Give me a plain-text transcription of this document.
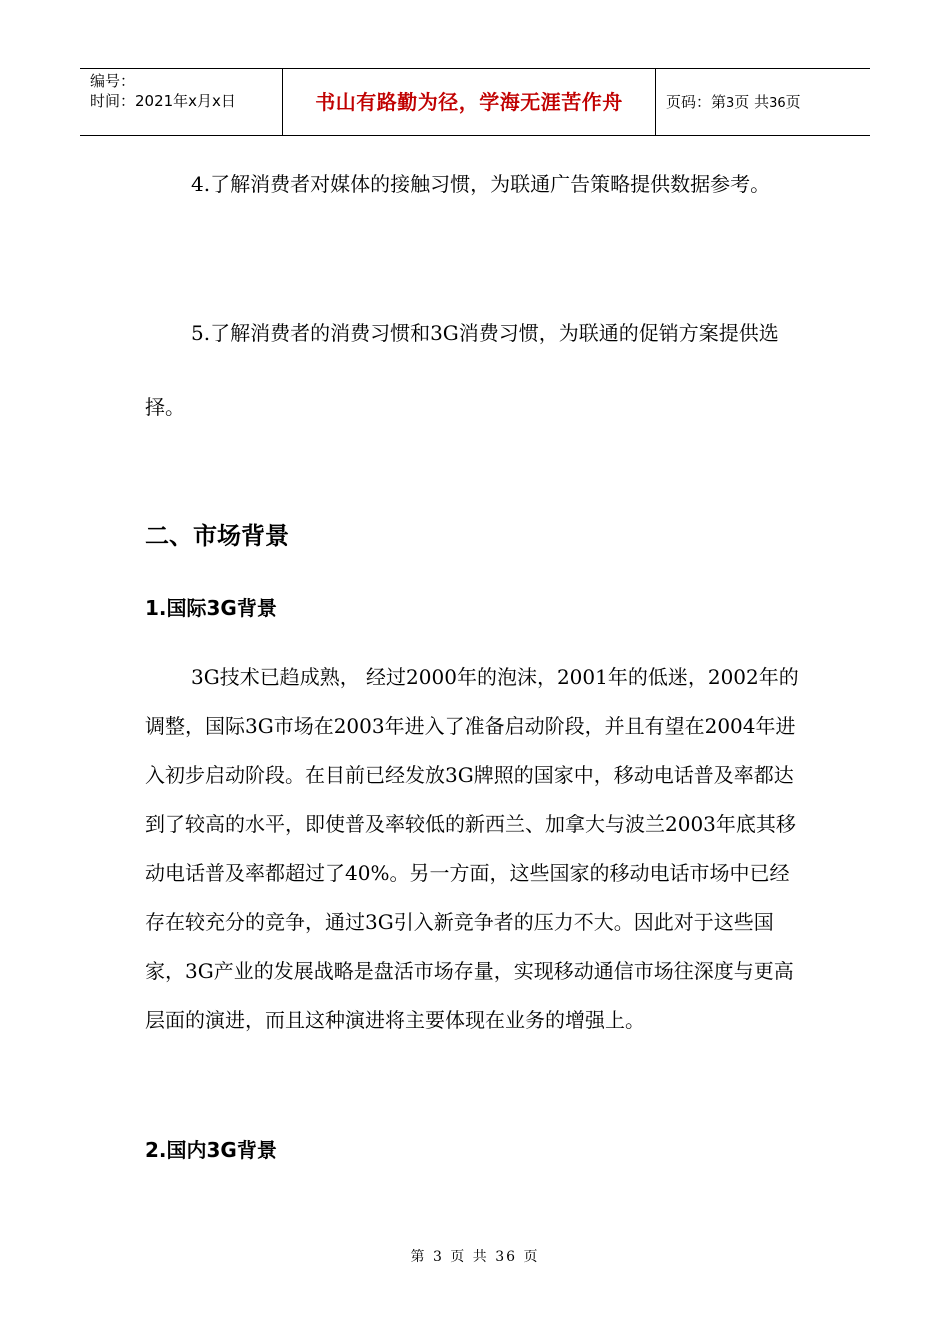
编号：
时间：2021年x月x日	书山有路勤为径，学海无涯苦作舟	页码：第3页 共36页

4.了解消费者对媒体的接触习惯，为联通广告策略提供数据参考。

5.了解消费者的消费习惯和3G消费习惯，为联通的促销方案提供选择。

二、市场背景
1.国际3G背景

3G技术已趋成熟， 经过2000年的泡沫，2001年的低迷，2002年的调整，国际3G市场在2003年进入了准备启动阶段，并且有望在2004年进入初步启动阶段。在目前已经发放3G牌照的国家中，移动电话普及率都达到了较高的水平，即使普及率较低的新西兰、加拿大与波兰2003年底其移动电话普及率都超过了40%。另一方面，这些国家的移动电话市场中已经存在较充分的竞争，通过3G引入新竞争者的压力不大。因此对于这些国家，3G产业的发展战略是盘活市场存量，实现移动通信市场往深度与更高层面的演进，而且这种演进将主要体现在业务的增强上。

2.国内3G背景
第 3 页 共 36 页
